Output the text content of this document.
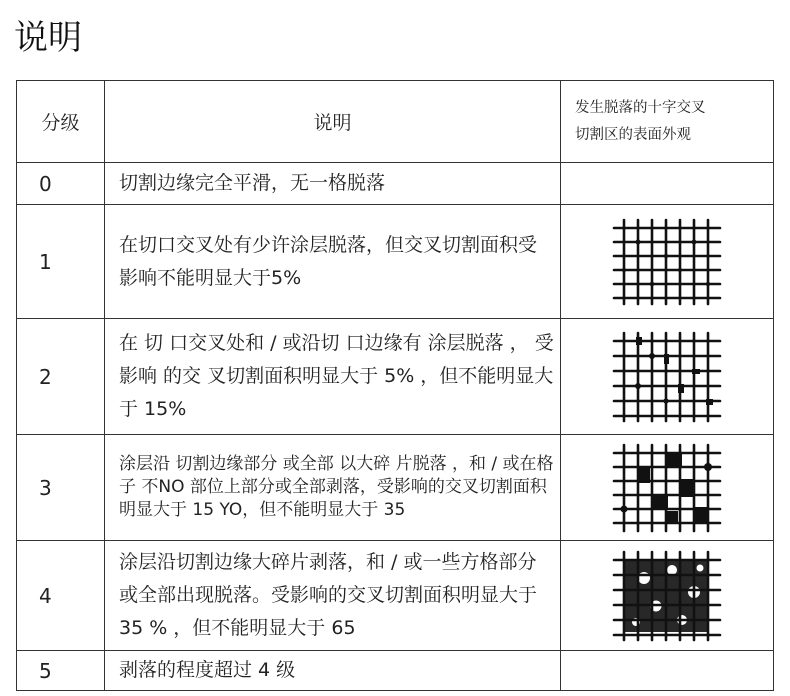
说明
分级	说明	发生脱落的十字交叉
切割区的表面外观

0	切割边缘完全平滑，无一格脱落	
1	在切口交叉处有少许涂层脱落，但交叉切割面积受影响不能明显大于5%	

2	在 切 口交叉处和 / 或沿切 口边缘有 涂层脱落 ， 受影响 的交 叉切割面积明显大于 5% ，但不能明显大于 15%	

3	涂层沿 切割边缘部分 或全部 以大碎 片脱落 ，和 / 或在格子 不NO 部位上部分或全部剥落，受影响的交叉切割面积明显大于 15 YO，但不能明显大于 35	

4	涂层沿切割边缘大碎片剥落，和 / 或一些方格部分或全部出现脱落。受影响的交叉切割面积明显大于 35 % ，但不能明显大于 65	

5	剥落的程度超过 4 级	
